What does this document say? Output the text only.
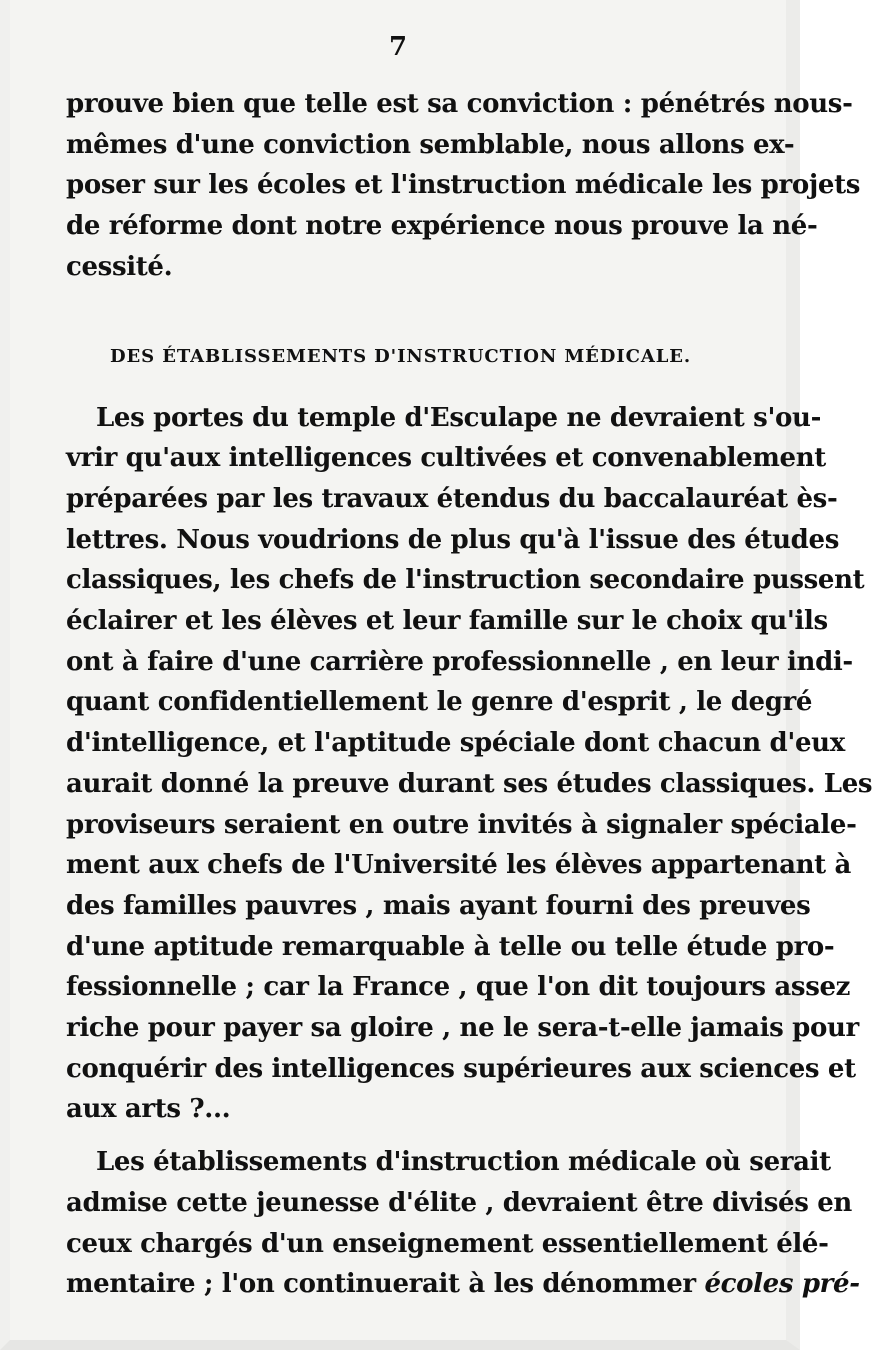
7
prouve bien que telle est sa conviction : pénétrés nous-
mêmes d'une conviction semblable, nous allons ex-
poser sur les écoles et l'instruction médicale les projets
de réforme dont notre expérience nous prouve la né-
cessité.
DES ÉTABLISSEMENTS D'INSTRUCTION MÉDICALE.
Les portes du temple d'Esculape ne devraient s'ou-
vrir qu'aux intelligences cultivées et convenablement
préparées par les travaux étendus du baccalauréat ès-
lettres. Nous voudrions de plus qu'à l'issue des études
classiques, les chefs de l'instruction secondaire pussent
éclairer et les élèves et leur famille sur le choix qu'ils
ont à faire d'une carrière professionnelle , en leur indi-
quant confidentiellement le genre d'esprit , le degré
d'intelligence, et l'aptitude spéciale dont chacun d'eux
aurait donné la preuve durant ses études classiques. Les
proviseurs seraient en outre invités à signaler spéciale-
ment aux chefs de l'Université les élèves appartenant à
des familles pauvres , mais ayant fourni des preuves
d'une aptitude remarquable à telle ou telle étude pro-
fessionnelle ; car la France , que l'on dit toujours assez
riche pour payer sa gloire , ne le sera-t-elle jamais pour
conquérir des intelligences supérieures aux sciences et
aux arts ?...
Les établissements d'instruction médicale où serait
admise cette jeunesse d'élite , devraient être divisés en
ceux chargés d'un enseignement essentiellement élé-
mentaire ; l'on continuerait à les dénommer écoles pré-
